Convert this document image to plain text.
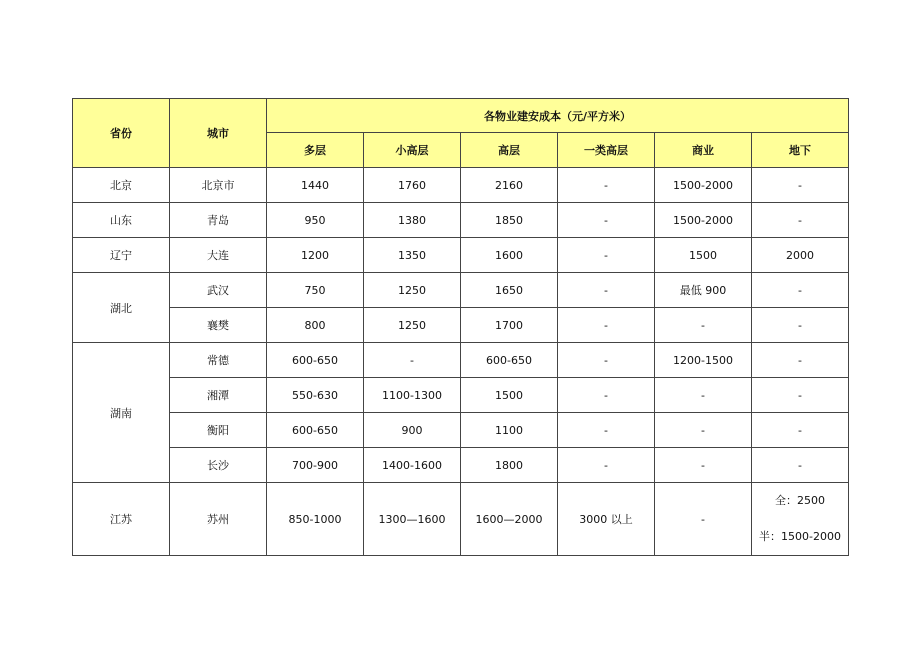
省份	城市	各物业建安成本（元/平方米）					
		多层	小高层	高层	一类高层	商业	地下
北京	北京市	1440	1760	2160	-	1500-2000	-
山东	青岛	950	1380	1850	-	1500-2000	-
辽宁	大连	1200	1350	1600	-	1500	2000
湖北	武汉	750	1250	1650	-	最低 900	-
	襄樊	800	1250	1700	-	-	-
湖南	常德	600-650	-	600-650	-	1200-1500	-
	湘潭	550-630	1100-1300	1500	-	-	-
	衡阳	600-650	900	1100	-	-	-
	长沙	700-900	1400-1600	1800	-	-	-
江苏	苏州	850-1000	1300—1600	1600—2000	3000 以上	-	全：2500
半：1500-2000
